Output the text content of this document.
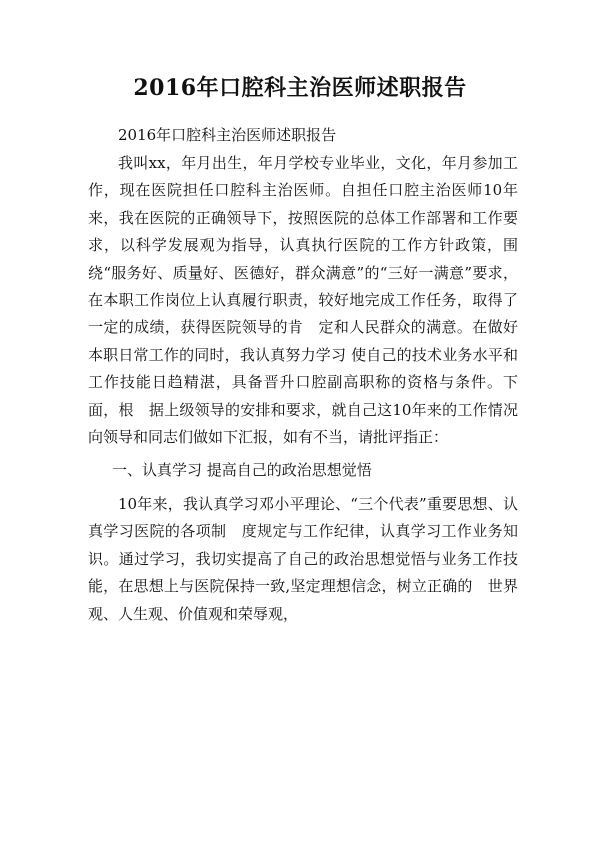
2016年口腔科主治医师述职报告
2016年口腔科主治医师述职报告

我叫xx，年月出生，年月学校专业毕业，文化，年月参加工作，现在医院担任口腔科主治医师。自担任口腔主治医师10年来，我在医院的正确领导下，按照医院的总体工作部署和工作要求，以科学发展观为指导，认真执行医院的工作方针政策，围　绕“服务好、质量好、医德好，群众满意”的“三好一满意”要求，在本职工作岗位上认真履行职责，较好地完成工作任务，取得了一定的成绩，获得医院领导的肯　定和人民群众的满意。在做好本职日常工作的同时，我认真努力学习 使自己的技术业务水平和工作技能日趋精湛，具备晋升口腔副高职称的资格与条件。下面，根　据上级领导的安排和要求，就自己这10年来的工作情况向领导和同志们做如下汇报，如有不当，请批评指正：

一、认真学习 提高自己的政治思想觉悟

10年来，我认真学习邓小平理论、“三个代表”重要思想、认真学习医院的各项制　度规定与工作纪律，认真学习工作业务知识。通过学习，我切实提高了自己的政治思想觉悟与业务工作技能，在思想上与医院保持一致,坚定理想信念，树立正确的　世界观、人生观、价值观和荣辱观，
